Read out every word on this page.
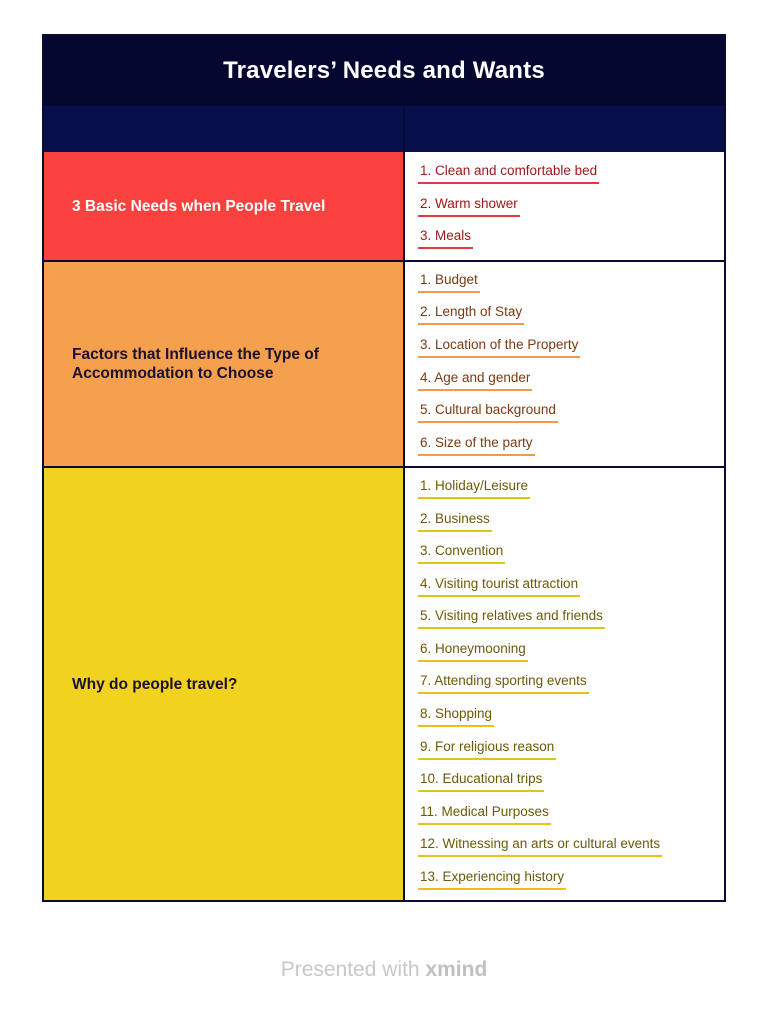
Travelers’ Needs and Wants
3 Basic Needs when People Travel
1. Clean and comfortable bed
2. Warm shower
3. Meals
Factors that Influence the Type of Accommodation to Choose
1. Budget
2. Length of Stay
3. Location of the Property
4. Age and gender
5. Cultural background
6. Size of the party
Why do people travel?
1. Holiday/Leisure
2. Business
3. Convention
4. Visiting tourist attraction
5. Visiting relatives and friends
6. Honeymooning
7. Attending sporting events
8. Shopping
9. For religious reason
10. Educational trips
11. Medical Purposes
12. Witnessing an arts or cultural events
13. Experiencing history
Presented with xmind
